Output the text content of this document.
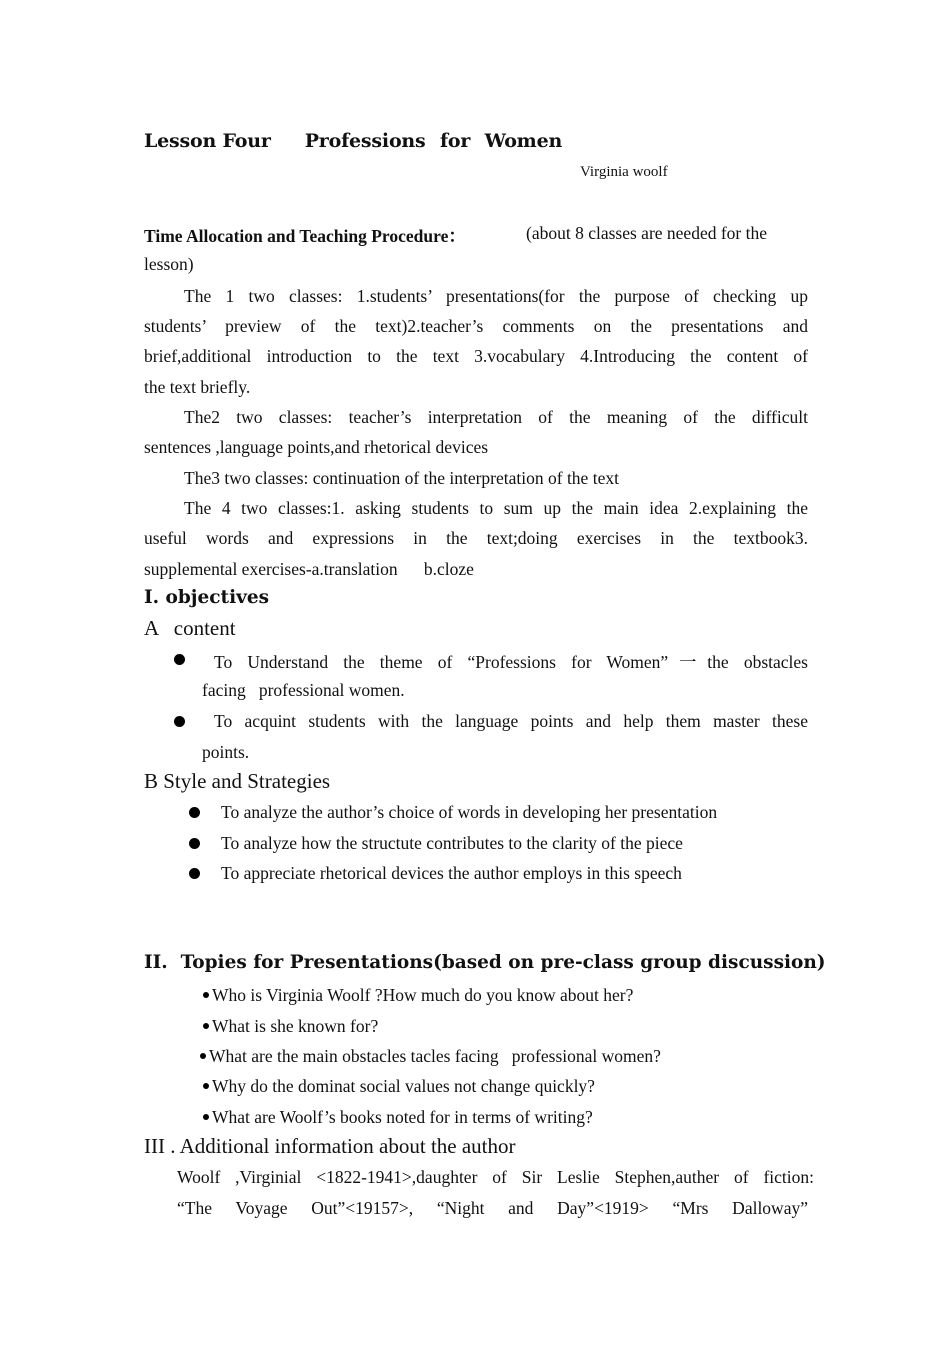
Lesson Four Professions for Women
Virginia woolf
Time Allocation and Teaching Procedure：	(about 8 classes are needed for the
lesson)
The 1 two classes: 1.students’ presentations(for the purpose of checking up
students’ preview of the text)2.teacher’s comments on the presentations and
brief,additional introduction to the text 3.vocabulary 4.Introducing the content of
the text briefly.
The2 two classes: teacher’s interpretation of the meaning of the difficult
sentences ,language points,and rhetorical devices
The3 two classes: continuation of the interpretation of the text
The 4 two classes:1. asking students to sum up the main idea 2.explaining the
useful words and expressions in the text;doing exercises in the textbook3.
supplemental exercises-a.translation      b.cloze
I. objectives
A   content
To Understand the theme of “Professions for Women”一the obstacles
facing   professional women.
To acquint students with the language points and help them master these
points.
B Style and Strategies
To analyze the author’s choice of words in developing her presentation
To analyze how the structute contributes to the clarity of the piece
To appreciate rhetorical devices the author employs in this speech
II.  Topies for Presentations(based on pre-class group discussion)
Who is Virginia Woolf ?How much do you know about her?
What is she known for?
What are the main obstacles tacles facing   professional women?
Why do the dominat social values not change quickly?
What are Woolf’s books noted for in terms of writing?
III . Additional information about the author
Woolf ,Virginial <1822-1941>,daughter of Sir Leslie Stephen,auther of fiction:
“The Voyage Out”<19157>, “Night and Day”<1919> “Mrs Dalloway”
